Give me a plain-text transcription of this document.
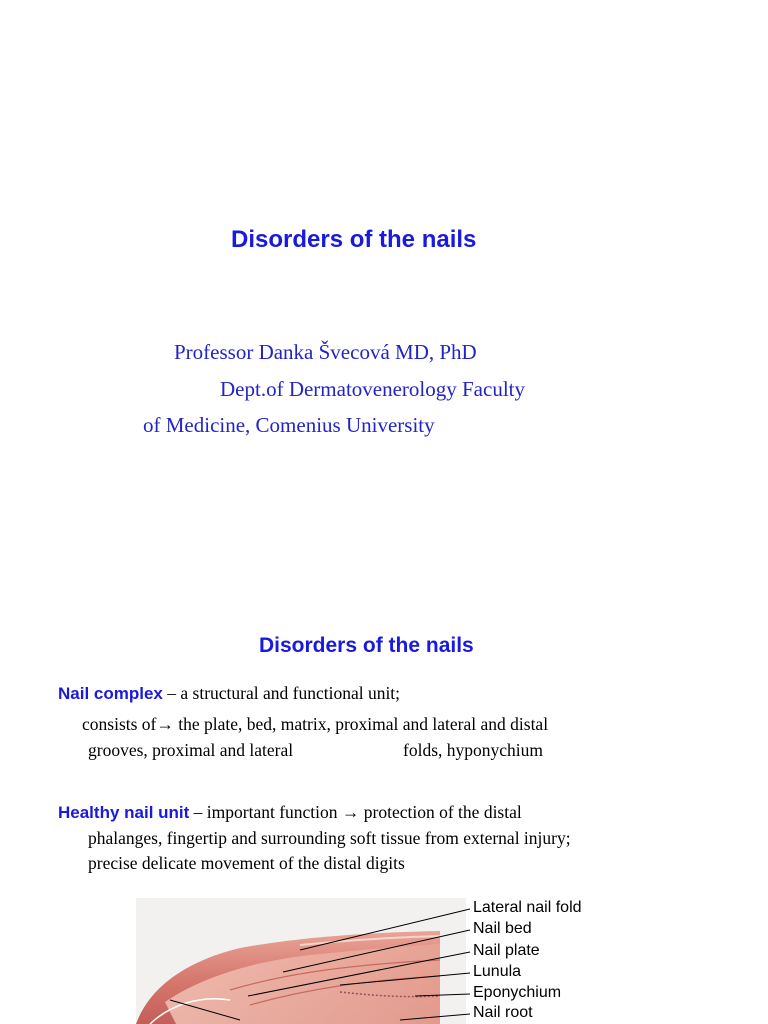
Disorders of the nails
Professor Danka Švecová MD, PhD
Dept.of Dermatovenerology Faculty
of Medicine, Comenius University
Disorders of the nails
Nail complex – a structural and functional unit;
consists of→ the plate, bed, matrix, proximal and lateral and distal
grooves, proximal and lateral	folds, hyponychium
Healthy nail unit – important function → protection of the distal
phalanges, fingertip and surrounding soft tissue from external injury;
precise delicate movement of the distal digits
Lateral nail fold
Nail bed
Nail plate
Lunula
Eponychium
Nail root
